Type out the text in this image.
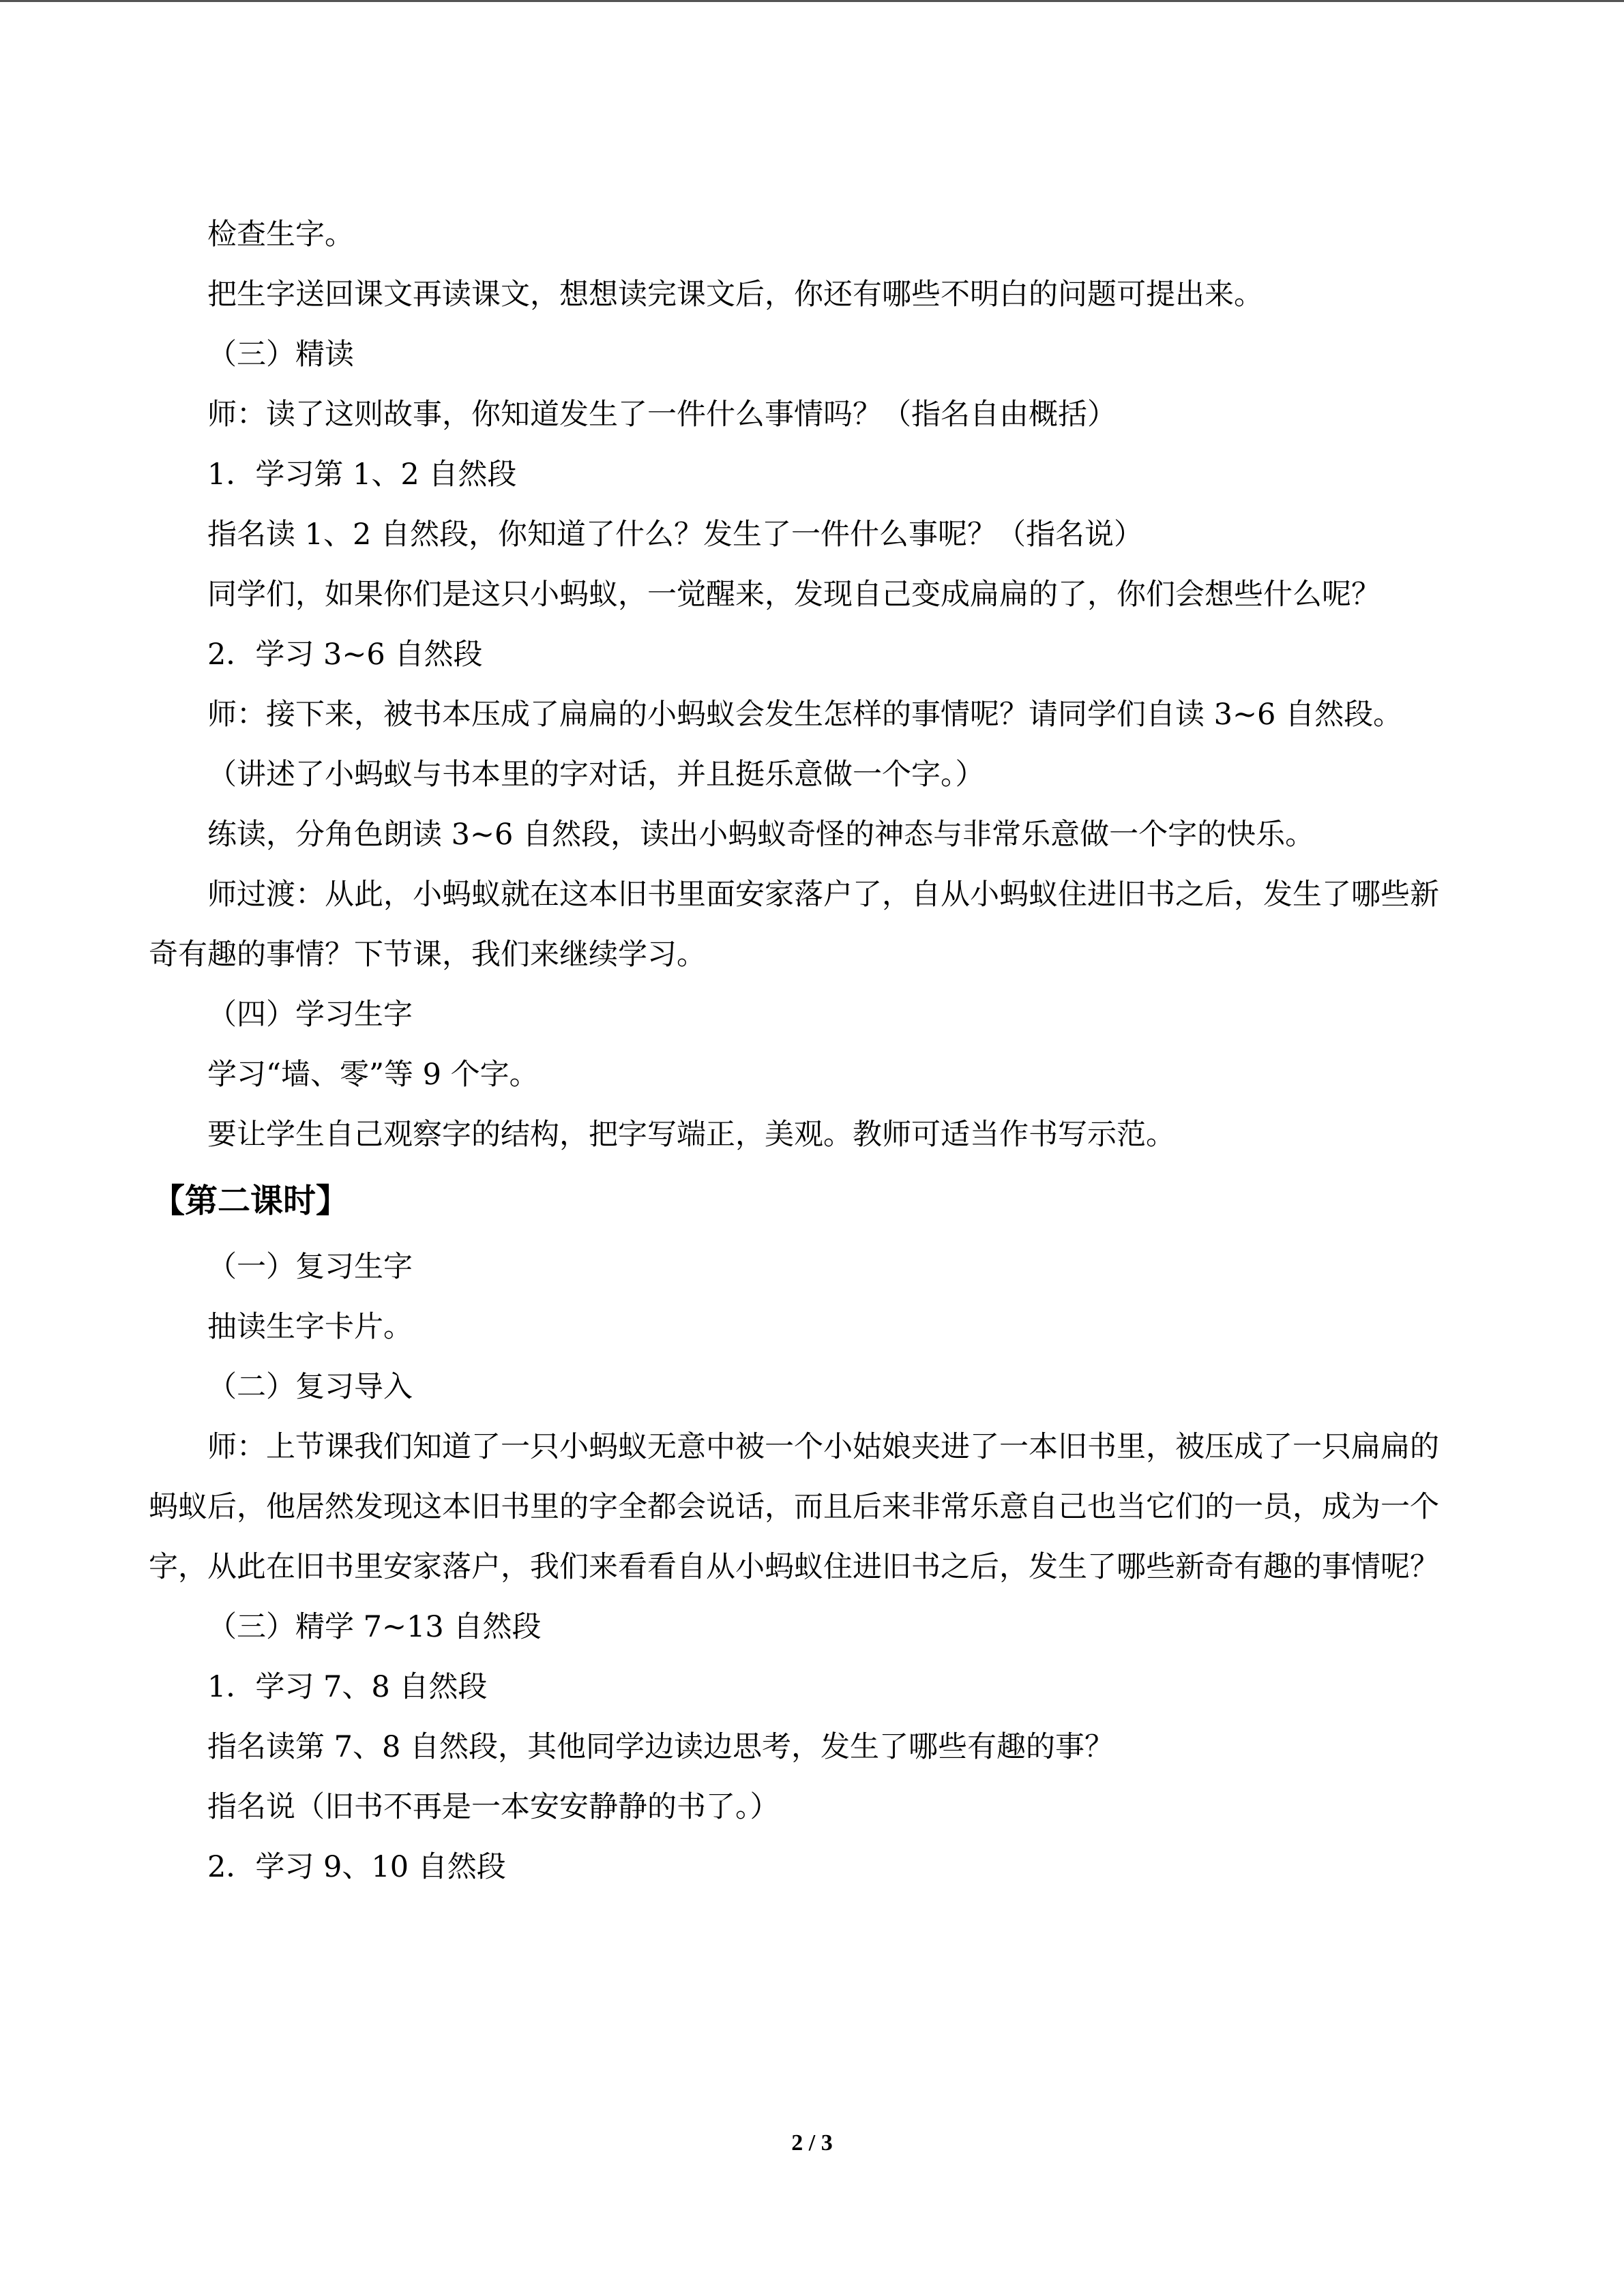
检查生字。

把生字送回课文再读课文，想想读完课文后，你还有哪些不明白的问题可提出来。

（三）精读

师：读了这则故事，你知道发生了一件什么事情吗？（指名自由概括）

1．学习第 1、2 自然段

指名读 1、2 自然段，你知道了什么？发生了一件什么事呢？（指名说）

同学们，如果你们是这只小蚂蚁，一觉醒来，发现自己变成扁扁的了，你们会想些什么呢？

2．学习 3~6 自然段

师：接下来，被书本压成了扁扁的小蚂蚁会发生怎样的事情呢？请同学们自读 3~6 自然段。

（讲述了小蚂蚁与书本里的字对话，并且挺乐意做一个字。）

练读，分角色朗读 3~6 自然段，读出小蚂蚁奇怪的神态与非常乐意做一个字的快乐。

师过渡：从此，小蚂蚁就在这本旧书里面安家落户了，自从小蚂蚁住进旧书之后，发生了哪些新奇有趣的事情？下节课，我们来继续学习。

（四）学习生字

学习“墙、零”等 9 个字。

要让学生自己观察字的结构，把字写端正，美观。教师可适当作书写示范。

【第二课时】

（一）复习生字

抽读生字卡片。

（二）复习导入

师：上节课我们知道了一只小蚂蚁无意中被一个小姑娘夹进了一本旧书里，被压成了一只扁扁的蚂蚁后，他居然发现这本旧书里的字全都会说话，而且后来非常乐意自己也当它们的一员，成为一个字，从此在旧书里安家落户，我们来看看自从小蚂蚁住进旧书之后，发生了哪些新奇有趣的事情呢？

（三）精学 7~13 自然段

1．学习 7、8 自然段

指名读第 7、8 自然段，其他同学边读边思考，发生了哪些有趣的事？

指名说（旧书不再是一本安安静静的书了。）

2．学习 9、10 自然段

2 / 3
